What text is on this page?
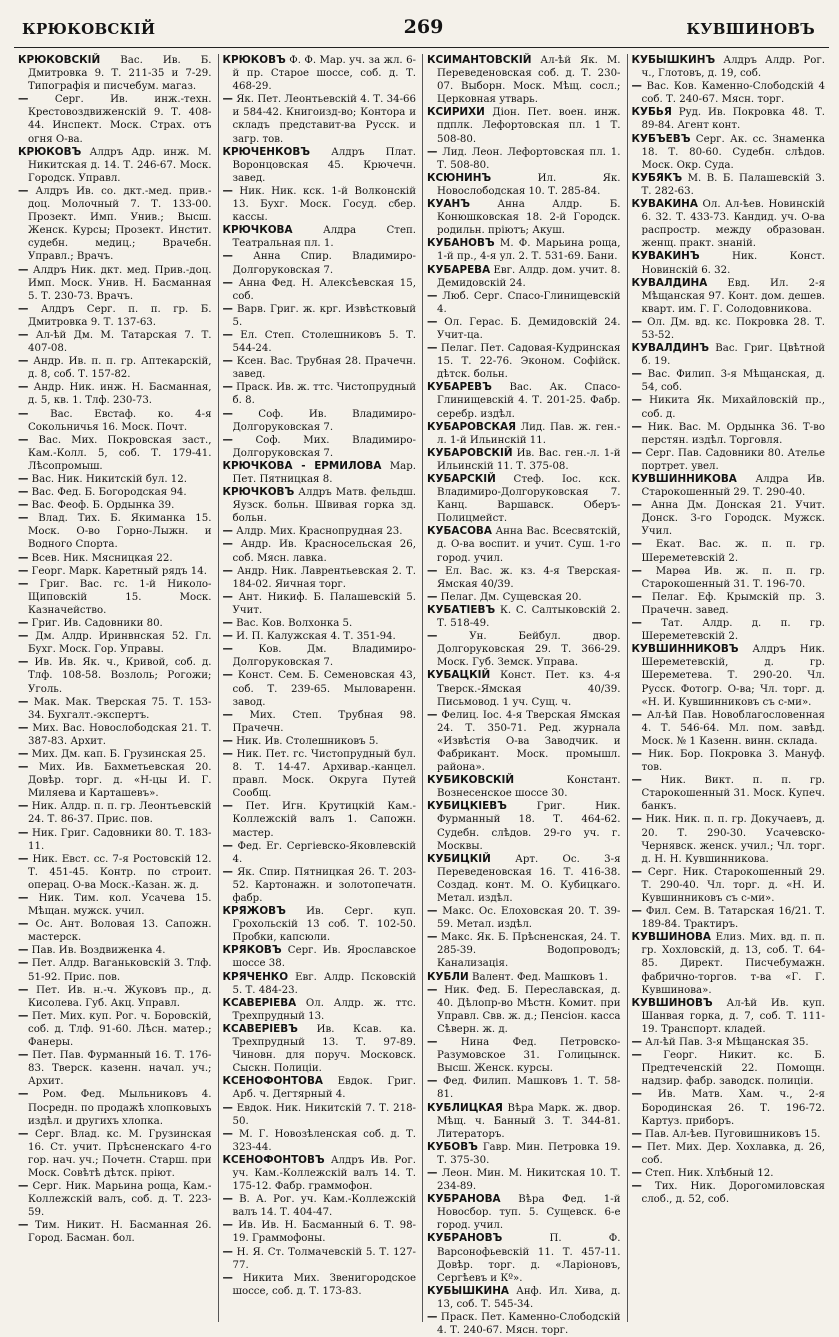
КРЮКОВСКІЙ	269	КУВШИНОВЪ

КРЮКОВСКІЙ Вас. Ив. Б. Дмитровка 9. Т. 211-35 и 7-29. Типографія и писчебум. магаз.

—	Серг. Ив. инж.-техн. Крестовоздвиженскій 9. Т. 408-44. Инспект. Моск. Страх. отъ огня О-ва.

КРЮКОВЪ Алдръ Адр. инж. М. Никитская д. 14. Т. 246-67. Моск. Городск. Управл.

— Алдръ Ив. со. дкт.-мед. прив.-доц. Молочный 7. Т. 133-00. Прозект. Имп. Унив.; Высш. Женск. Курсы; Прозект. Инстит. судебн. медиц.; Врачебн. Управл.; Врачъ.

— Алдръ Ник. дкт. мед. Прив.-доц. Имп. Моск. Унив. Н. Басманная 5. Т. 230-73. Врачъ.

— Алдръ Серг. п. п. гр. Б. Дмитровка 9. Т. 137-63.

— Ал-ѣй Дм. М. Татарская 7. Т. 407-08.

— Андр. Ив. п. п. гр. Аптекарскій, д. 8, соб. Т. 157-82.

— Андр. Ник. инж. Н. Басманная, д. 5, кв. 1. Тлф. 230-73.

— Вас. Евстаф. ко. 4-я Сокольничья 16. Моск. Почт.

— Вас. Мих. Покровская заст., Кам.-Колл. 5, соб. Т. 179-41. Лѣсопромыш.

— Вас. Ник. Никитскій бул. 12.

— Вас. Фед. Б. Богородская 94.

— Вас. Феоф. Б. Ордынка 39.

— Влад. Тих. Б. Якиманка 15. Моск. О-во Горно-Лыжн. и Водного Спорта.

— Всев. Ник. Мясницкая 22.

— Георг. Марк. Каретный рядъ 14.

— Григ. Вас. гс. 1-й Николо-Щиповскій 15. Моск. Казначейство.

— Григ. Ив. Садовники 80.

— Дм. Алдр. Иринвнская 52. Гл. Бухг. Моск. Гор. Управы.

— Ив. Ив. Як. ч., Кривой, соб. д. Тлф. 108-58. Возлоль; Рогожи; Уголь.

— Мак. Мак. Тверская 75. Т. 153-34. Бухгалт.-экспертъ.

— Мих. Вас. Новослободская 21. Т. 387-83. Архит.

— Мих. Дм. кап. Б. Грузинская 25.

— Мих. Ив. Бахметьевская 20. Довѣр. торг. д. «Н-цы И. Г. Миляева и Карташевъ».

— Ник. Алдр. п. п. гр. Леонтьевскій 24. Т. 86-37. Прис. пов.

— Ник. Григ. Садовники 80. Т. 183-11.

— Ник. Евст. сс. 7-я Ростовскій 12. Т. 451-45. Контр. по строит. операц. О-ва Моск.-Казан. ж. д.

— Ник. Тим. кол. Усачева 15. Мѣщан. мужск. учил.

— Ос. Ант. Воловая 13. Сапожн. мастерск.

— Пав. Ив. Воздвиженка 4.

— Пет. Алдр. Ваганьковскій 3. Тлф. 51-92. Прис. пов.

— Пет. Ив. н.-ч. Жуковъ пр., д. Кисолева. Губ. Акц. Управл.

— Пет. Мих. куп. Рог. ч. Боровскій, соб. д. Тлф. 91-60. Лѣсн. матер.; Фанеры.

— Пет. Пав. Фурманный 16. Т. 176-83. Тверск. казенн. начал. уч.; Архит.

— Ром. Фед. Мыльниковъ 4. Посредн. по продажѣ хлопковыхъ издѣл. и другихъ хлопка.

— Серг. Влад. кс. М. Грузинская 16. Ст. учит. Прѣсненскаго 4-го гор. нач. уч.; Почетн. Старш. при Моск. Совѣтѣ дѣтск. пріют.

— Серг. Ник. Марьина роща, Кам.-Коллежскій валъ, соб. д. Т. 223-59.

— Тим. Никит. Н. Басманная 26. Город. Басман. бол.

КРЮКОВЪ Ф. Ф. Мар. уч. за жл. 6-й пр. Старое шоссе, соб. д. Т. 468-29.

— Як. Пет. Леонтьевскій 4. Т. 34-66 и 584-42. Книгоизд-во; Контора и складъ представит-ва Русск. и загр. тов.

КРЮЧЕНКОВЪ Алдръ Плат. Воронцовская 45. Крючечн. завед.

— Ник. Ник. кск. 1-й Волконскій 13. Бухг. Моск. Госуд. сбер. кассы.

КРЮЧКОВА	Алдра Степ. Театральная пл. 1.

— Анна Спир. Владимиро-Долгоруковская 7.

— Анна Фед. Н. Алексѣевская 15, соб.

— Варв. Григ. ж. крг. Извѣстковый 5.

— Ел. Степ. Столешниковъ 5. Т. 544-24.

— Ксен. Вас. Трубная 28. Прачечн. завед.

— Праск. Ив. ж. ттс. Чистопрудный б. 8.

— Соф. Ив. Владимиро-Долгоруковская 7.

— Соф. Мих. Владимиро-Долгоруковская 7.

КРЮЧКОВА - ЕРМИЛОВА Мар. Пет. Пятницкая 8.

КРЮЧКОВЪ Алдръ Матв. фельдш. Яузск. больн. Швивая горка зд. больн.

— Алдр. Мих. Краснопрудная 23.

— Андр. Ив. Красносельская 26, соб. Мясн. лавка.

— Андр. Ник. Лаврентьевская 2. Т. 184-02. Яичная торг.

— Ант. Никиф. Б. Палашевскій 5. Учит.

— Вас. Ков. Волхонка 5.

— И. П. Калужская 4. Т. 351-94.

—	Ков. Дм. Владимиро-Долгоруковская 7.

— Конст. Сем. Б. Семеновская 43, соб. Т. 239-65. Мыловаренн. завод.

— Мих. Степ. Трубная 98. Прачечн.

— Ник. Ив. Столешниковъ 5.

— Ник. Пет. гс. Чистопрудный бул. 8. Т. 14-47. Архивар.-канцел. правл. Моск. Округа Путей Сообщ.

— Пет. Игн. Крутицкій Кам.-Коллежскій валъ 1. Сапожн. мастер.

— Фед. Ег. Сергіевско-Яковлевскій 4.

— Як. Спир. Пятницкая 26. Т. 203-52. Картонажн. и золотопечатн. фабр.

КРЯЖОВЪ Ив. Серг. куп. Грохольскій 13 соб. Т. 102-50. Пробки, капсюли.

КРЯКОВЪ Серг. Ив. Ярославское шоссе 38.

КРЯЧЕНКО Евг. Алдр. Псковскій 5. Т. 484-23.

КСАВЕРІЕВА Ол. Алдр. ж. ттс. Трехпрудный 13.

КСАВЕРІЕВЪ Ив. Ксав. ка. Трехпрудный 13. Т. 97-89. Чиновн. для поруч. Московск. Сыскн. Полиціи.

КСЕНОФОНТОВА Евдок. Григ. Арб. ч. Дегтярный 4.

— Евдок. Ник. Никитскій 7. Т. 218-50.

— М. Г. Новозѣленская соб. д. Т. 323-44.

КСЕНОФОНТОВЪ Алдръ Ив. Рог. уч. Кам.-Коллежскій валъ 14. Т. 175-12. Фабр. граммофон.

— В. А. Рог. уч. Кам.-Коллежскій валъ 14. Т. 404-47.

— Ив. Ив. Н. Басманный 6. Т. 98-19. Граммофоны.

— Н. Я. Ст. Толмачевскій 5. Т. 127-77.

— Никита Мих. Звенигородское шоссе, соб. д. Т. 173-83.

КСИМАНТОВСКІЙ Ал-ѣй Як. М. Переведеновская соб. д. Т. 230-07. Выборн. Моск. Мѣщ. сосл.; Церковная утварь.

КСИРИХИ Діон. Пет. воен. инж. пдплк. Лефортовская пл. 1 Т. 508-80.

— Лид. Леон. Лефортовская пл. 1. Т. 508-80.

КСЮНИНЪ	Ил. Як. Новослободская 10. Т. 285-84.

КУАНЪ	Анна Алдр. Б. Конюшковская 18. 2-й Городск. родильн. пріютъ; Акуш.

КУБАНОВЪ М. Ф. Марьина роща, 1-й пр., 4-я ул. 2. Т. 531-69. Бани.

КУБАРЕВА Евг. Алдр. дом. учит. 8. Демидовскій 24.

— Люб. Серг. Спасо-Глинищевскій 4.

— Ол. Герас. Б. Демидовскій 24. Учит-ца.

— Пелаг. Пет. Садовая-Кудринская 15. Т. 22-76. Эконом. Софійск. дѣтск. больн.

КУБАРЕВЪ Вас. Ак. Спасо-Глинищевскій 4. Т. 201-25. Фабр. серебр. издѣл.

КУБАРОВСКАЯ Лид. Пав. ж. ген.-л. 1-й Ильинскій 11.

КУБАРОВСКІЙ Ив. Вас. ген.-л. 1-й Ильинскій 11. Т. 375-08.

КУБАРСКІЙ Стеф. Іос. кск. Владимиро-Долгоруковская 7. Канц. Варшавск. Оберъ-Полицмейст.

КУБАСОВА Анна Вас. Всесвятскій, д. О-ва воспит. и учит. Суш. 1-го город. учил.

— Ел. Вас. ж. кз. 4-я Тверская-Ямская 40/39.

— Пелаг. Дм. Сущевская 20.

КУБАТІЕВЪ К. С. Салтыковскій 2. Т. 518-49.

—	Ун. Бейбул. двор. Долгоруковская 29. Т. 366-29. Моск. Губ. Земск. Управа.

КУБАЦКІЙ Конст. Пет. кз. 4-я Тверск.-Ямская 40/39. Письмовод. 1 уч. Сущ. ч.

— Фелиц. Іос. 4-я Тверская Ямская 24. Т. 350-71. Ред. журнала «Извѣстія О-ва Заводчик. и Фабрикант. Моск. промышл. района».

КУБИКОВСКІЙ	Констант. Вознесенское шоссе 30.

КУБИЦКІЕВЪ	Григ. Ник. Фурманный 18. Т. 464-62. Судебн. слѣдов. 29-го уч. г. Москвы.

КУБИЦКІЙ Арт. Ос. 3-я Переведеновская 16. Т. 416-38. Создад. конт. М. О. Кубицкаго. Метал. издѣл.

— Макс. Ос. Елоховская 20. Т. 39-59. Метал. издѣл.

— Макс. Як. Б. Прѣсненская, 24. Т. 285-39. Водопроводъ; Канализація.

КУБЛИ Валент. Фед. Машковъ 1.

— Ник. Фед. Б. Переславская, д. 40. Дѣлопр-во Мѣстн. Комит. при Управл. Свв. ж. д.; Пенсіон. касса Сѣверн. ж. д.

— Нина Фед. Петровско-Разумовское 31. Голицынск. Высш. Женск. курсы.

— Фед. Филип. Машковъ 1. Т. 58-81.

КУБЛИЦКАЯ Вѣра Марк. ж. двор. Мѣщ. ч. Банный 3. Т. 344-81. Литераторъ.

КУБОВЪ Гавр. Мин. Петровка 19. Т. 375-30.

— Леон. Мин. М. Никитская 10. Т. 234-89.

КУБРАНОВА Вѣра Фед. 1-й Новосбор. туп. 5. Сущевск. 6-е город. учил.

КУБРАНОВЪ	П. Ф. Варсонофьевскій 11. Т. 457-11. Довѣр. торг. д. «Ларіоновъ, Сергѣевъ и Кº».

КУБЫШКИНА Анф. Ил. Хива, д. 13, соб. Т. 545-34.

— Праск. Пет. Каменно-Слободскій 4. Т. 240-67. Мясн. торг.

КУБЫШКИНЪ Алдръ Алдр. Рог. ч., Глотовъ, д. 19, соб.

— Вас. Ков. Каменно-Слободскій 4 соб. Т. 240-67. Мясн. торг.

КУБЬЯ Руд. Ив. Покровка 48. Т. 89-84. Агент конт.

КУБЪЕВЪ Серг. Ак. сс. Знаменка 18. Т. 80-60. Судебн. слѣдов. Моск. Окр. Суда.

КУБЯКЪ М. В. Б. Палашевскій 3. Т. 282-63.

КУВАКИНА Ол. Ал-ѣев. Новинскій 6. 32. Т. 433-73. Кандид. уч. О-ва распростр. между образован. женщ. практ. знаній.

КУВАКИНЪ	Ник. Конст. Новинскій 6. 32.

КУВАЛДИНА Евд. Ил. 2-я Мѣщанская 97. Конт. дом. дешев. кварт. им. Г. Г. Солодовникова.

— Ол. Дм. вд. кс. Покровка 28. Т. 53-52.

КУВАЛДИНЪ Вас. Григ. Цвѣтной б. 19.

— Вас. Филип. 3-я Мѣщанская, д. 54, соб.

— Никита Як. Михайловскій пр., соб. д.

— Ник. Вас. М. Ордынка 36. Т-во перстян. издѣл. Торговля.

— Серг. Пав. Садовники 80. Ателье портрет. увел.

КУВШИННИКОВА Алдра Ив. Старокошенный 29. Т. 290-40.

— Анна Дм. Донская 21. Учит. Донск. 3-го Городск. Мужск. Учил.

— Екат. Вас. ж. п. п. гр. Шереметевскій 2.

— Марѳа Ив. ж. п. п. гр. Старокошенный 31. Т. 196-70.

— Пелаг. Еф. Крымскій пр. 3. Прачечн. завед.

— Тат. Алдр. д. п. гр. Шереметевскій 2.

КУВШИННИКОВЪ Алдръ Ник. Шереметевскій, д. гр. Шереметева. Т. 290-20. Чл. Русск. Фотогр. О-ва; Чл. торг. д. «Н. И. Кувшинниковъ съ с-ми».

— Ал-ѣй Пав. Новоблагословенная 4. Т. 546-64. Мл. пом. завѣд. Моск. № 1 Казенн. винн. склада.

— Ник. Бор. Покровка 3. Мануф. тов.

— Ник. Викт. п. п. гр. Старокошенный 31. Моск. Купеч. банкъ.

— Ник. Ник. п. п. гр. Докучаевъ, д. 20. Т. 290-30. Усачевско-Чернявск. женск. учил.; Чл. торг. д. Н. Н. Кувшинникова.

— Серг. Ник. Старокошенный 29. Т. 290-40. Чл. торг. д. «Н. И. Кувшинниковъ съ с-ми».

— Фил. Сем. В. Татарская 16/21. Т. 189-84. Трактиръ.

КУВШИНОВА Елиз. Мих. вд. п. п. гр. Хохловскій, д. 13, соб. Т. 64-85. Директ. Писчебумажн. фабрично-торгов. т-ва «Г. Г. Кувшинова».

КУВШИНОВЪ Ал-ѣй Ив. куп. Шанвая горка, д. 7, соб. Т. 111-19. Транспорт. кладей.

— Ал-ѣй Пав. 3-я Мѣщанская 35.

— Георг. Никит. кс. Б. Предтеченскій 22. Помощн. надзир. фабр. заводск. полиціи.

— Ив. Матв. Хам. ч., 2-я Бородинская 26. Т. 196-72. Картуз. приборъ.

— Пав. Ал-ѣев. Пуговишниковъ 15.

— Пет. Мих. Дер. Хохлавка, д. 26, соб.

— Степ. Ник. Хлѣбный 12.

— Тих. Ник. Дорогомиловская слоб., д. 52, соб.
